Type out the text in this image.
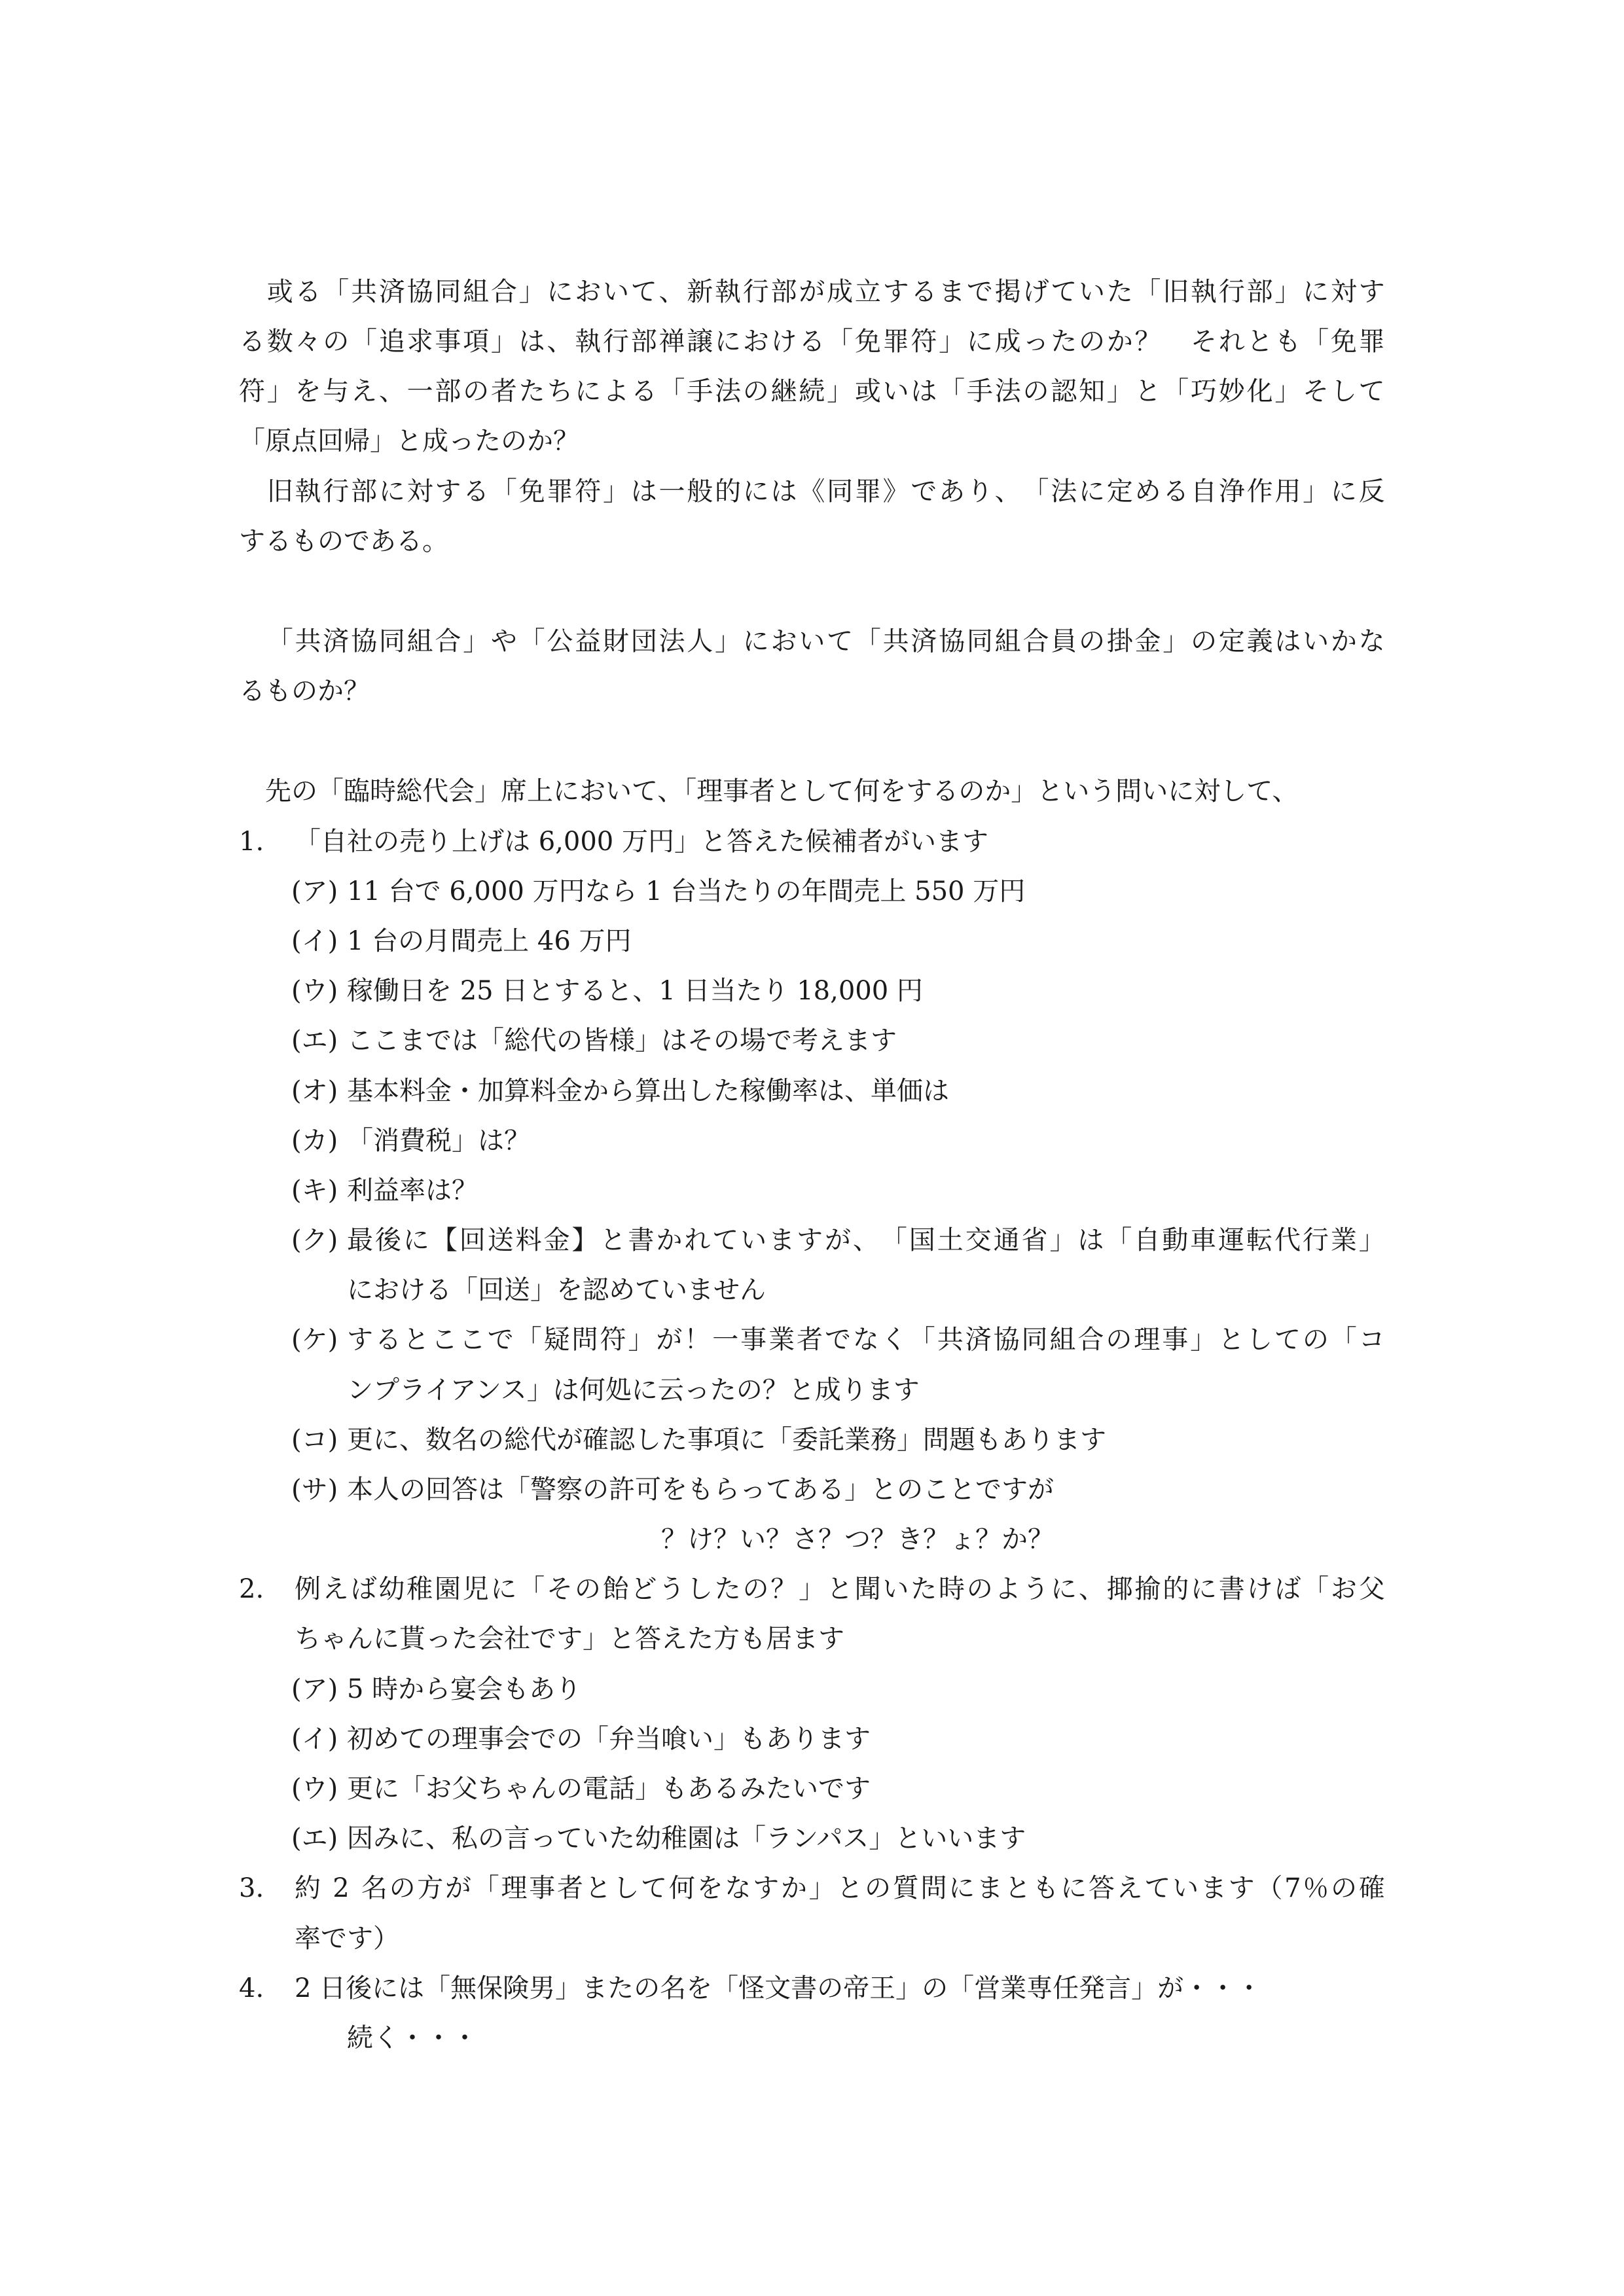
或 る 「 共 済 協 同 組 合 」 に お い て 、 新 執 行 部 が 成 立 す る ま で 掲 げ て い た 「 旧 執 行 部 」 に 対 す
る 数 々 の 「 追 求 事 項 」 は 、 執 行 部 禅 譲 に お け る 「 免 罪 符 」 に 成 っ た の か ？
　 そ れ と も 「 免 罪
符 」 を 与 え 、 一 部 の 者 た ち に よ る 「 手 法 の 継 続 」 或 い は 「 手 法 の 認 知 」 と 「 巧 妙 化 」 そ し て
「原点回帰」と成ったのか？

旧 執 行 部 に 対 す る 「 免 罪 符 」 は 一 般 的 に は 《 同 罪 》 で あ り 、 「 法 に 定 め る 自 浄 作 用 」 に 反
するものである。

「 共 済 協 同 組 合 」 や 「 公 益 財 団 法 人 」 に お い て 「 共 済 協 同 組 合 員 の 掛 金 」 の 定 義 は い か な
るものか？
　先の「臨時総代会」席上において、「理事者として何をするのか」という問いに対して、
1. 「自社の売り上げは 6,000 万円」と答えた候補者がいます
(ア) 11 台で 6,000 万円なら 1 台当たりの年間売上 550 万円
(イ) 1 台の月間売上 46 万円
(ウ) 稼働日を 25 日とすると、1 日当たり 18,000 円
(エ) ここまでは「総代の皆様」はその場で考えます
(オ) 基本料金・加算料金から算出した稼働率は、単価は
(カ) 「消費税」は？
(キ) 利益率は？
(ク) 最 後 に 【 回 送 料 金 】 と 書 か れ て い ま す が 、 「 国 土 交 通 省 」 は 「 自 動 車 運 転 代 行 業 」
における「回送」を認めていません
(ケ) す る と こ こ で 「 疑 問 符 」 が ！ 一 事 業 者 で な く 「 共 済 協 同 組 合 の 理 事 」 と し て の 「 コ
ンプライアンス」は何処に云ったの？と成ります
(コ) 更に、数名の総代が確認した事項に「委託業務」問題もあります
(サ) 本人の回答は「警察の許可をもらってある」とのことですが
？け？い？さ？つ？き？ょ？か？
2. 例 え ば 幼 稚 園 児 に 「 そ の 飴 ど う し た の ？ 」 と 聞 い た 時 の よ う に 、 揶 揄 的 に 書 け ば 「 お 父
ちゃんに貰った会社です」と答えた方も居ます
(ア) 5 時から宴会もあり
(イ) 初めての理事会での「弁当喰い」もあります
(ウ) 更に「お父ちゃんの電話」もあるみたいです
(エ) 因みに、私の言っていた幼稚園は「ランパス」といいます
3. 約
2
名 の 方 が 「 理 事 者 と し て 何 を な す か 」 と の 質 問 に ま と も に 答 え て い ま す （ 7 ％ の 確
率です）
4. 2 日後には「無保険男」またの名を「怪文書の帝王」の「営業専任発言」が・・・
続く・・・
